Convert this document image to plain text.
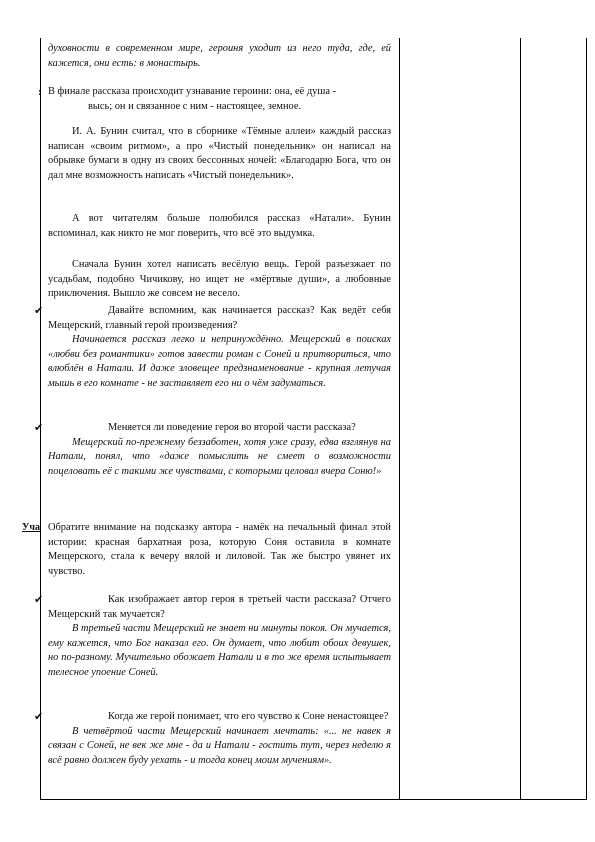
духовности в современном мире, героиня уходит из него туда, где, ей кажется, они есть: в монастырь.

: В финале рассказа происходит узнавание героини: она, её душа -

высь; он и связанное с ним - настоящее, земное.

И. А. Бунин считал, что в сборнике «Тёмные аллеи» каждый рассказ написан «своим ритмом», а про «Чистый понедельник» он написал на обрывке бумаги в одну из своих бессонных ночей: «Благодарю Бога, что он дал мне возможность написать «Чистый понедельник».

А вот читателям больше полюбился рассказ «Натали». Бунин вспоминал, как никто не мог поверить, что всё это выдумка.

Сначала Бунин хотел написать весёлую вещь. Герой разъезжает по усадьбам, подобно Чичикову, но ищет не «мёртвые души», а любовные приключения. Вышло же совсем не весело.

✔	Давайте вспомним, как начинается рассказ? Как ведёт себя Мещерский, главный герой произведения?

Начинается рассказ легко и непринуждённо. Мещерский в поисках «любви без романтики» готов завести роман с Соней и притвориться, что влюблён в Натали. И даже зловещее предзнаменование - крупная летучая мышь в его комнате - не заставляет его ни о чём задуматься.

✔	Меняется ли поведение героя во второй части рассказа?

Мещерский по-прежнему беззаботен, хотя уже сразу, едва взглянув на Натали, понял, что «даже помыслить не смеет о возможности поцеловать её с такими же чувствами, с которыми целовал вчера Соню!»

Уча Обратите внимание на подсказку автора - намёк на печальный финал этой истории: красная бархатная роза, которую Соня оставила в комнате Мещерского, стала к вечеру вялой и лиловой. Так же быстро увянет их чувство.

✔	Как изображает автор героя в третьей части рассказа? Отчего Мещерский так мучается?

В третьей части Мещерский не знает ни минуты покоя. Он мучается, ему кажется, что Бог наказал его. Он думает, что любит обоих девушек, но по-разному. Мучительно обожает Натали и в то же время испытывает телесное упоение Соней.

✔	Когда же герой понимает, что его чувство к Соне ненастоящее?

В четвёртой части Мещерский начинает мечтать: «... не навек я связан с Соней, не век же мне - да и Натали - гостить тут, через неделю я всё равно должен буду уехать - и тогда конец моим мучениям».
